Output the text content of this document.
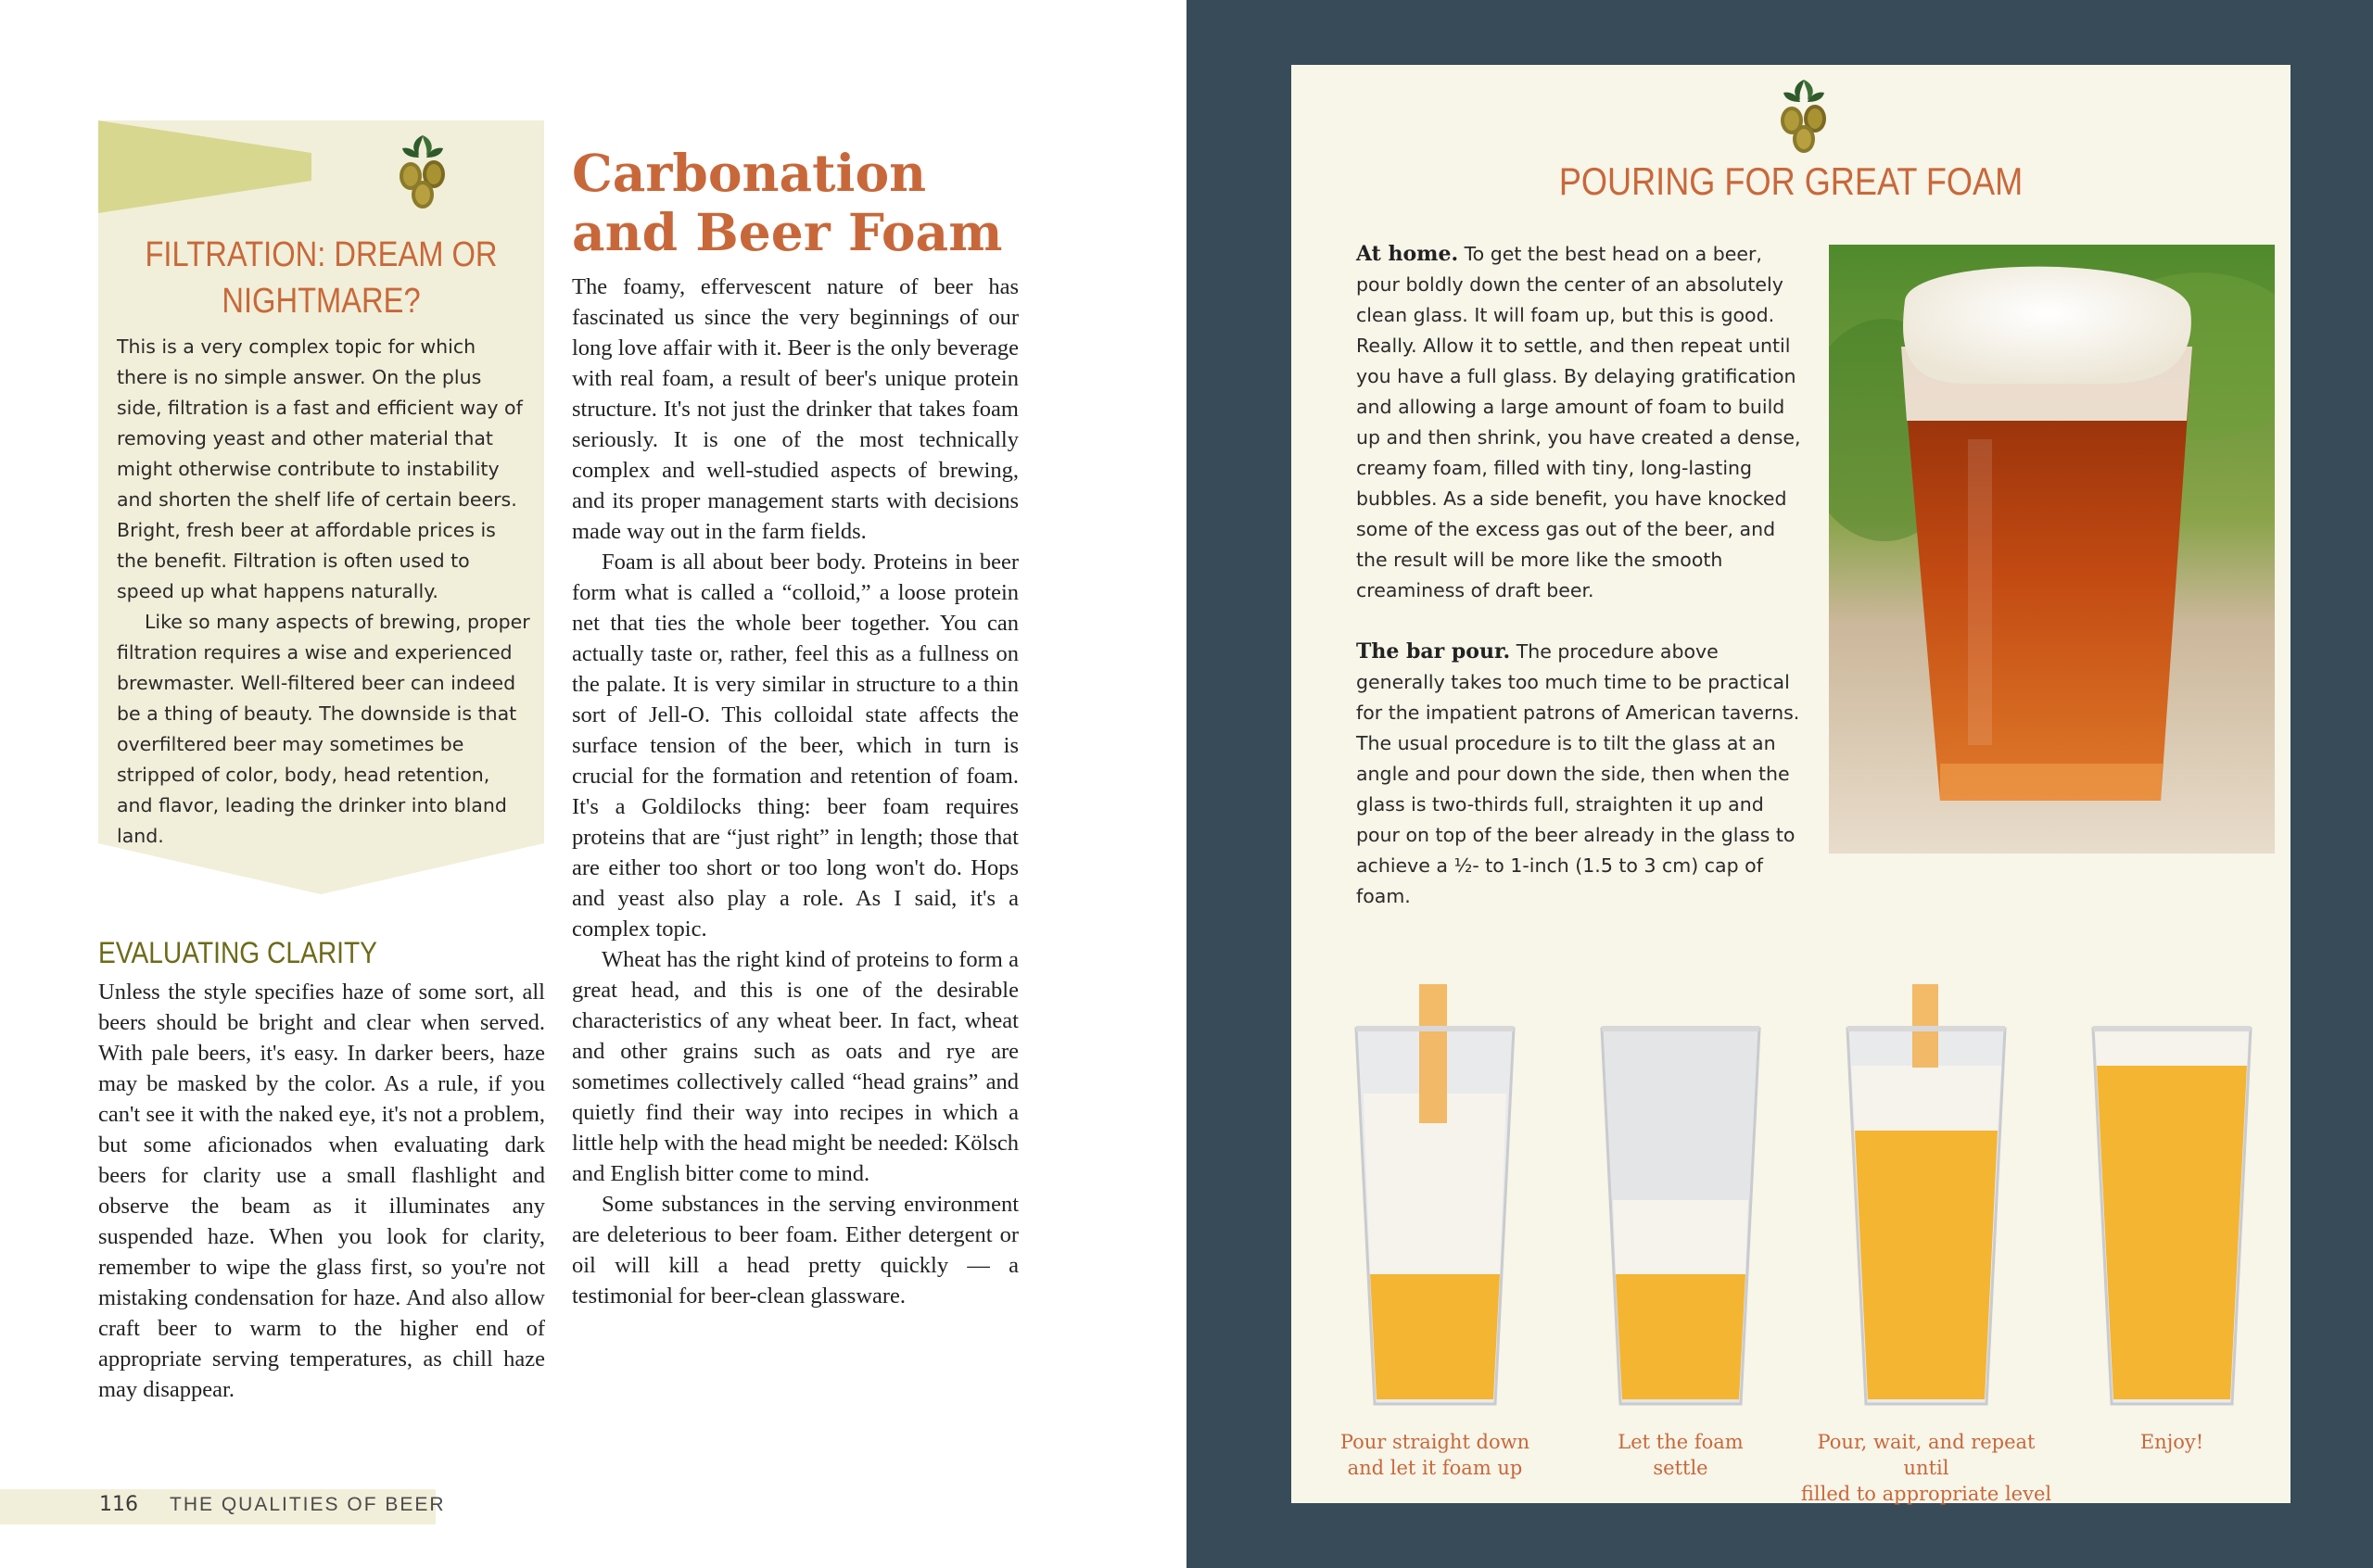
FILTRATION: DREAM OR NIGHTMARE?

This is a very complex topic for which there is no simple answer. On the plus side, filtration is a fast and efficient way of removing yeast and other material that might otherwise contribute to instability and shorten the shelf life of certain beers. Bright, fresh beer at affordable prices is the benefit. Filtration is often used to speed up what happens naturally.

Like so many aspects of brewing, proper filtration requires a wise and experienced brewmaster. Well-filtered beer can indeed be a thing of beauty. The downside is that overfiltered beer may sometimes be stripped of color, body, head retention, and flavor, leading the drinker into bland land.

EVALUATING CLARITY

Unless the style specifies haze of some sort, all beers should be bright and clear when served. With pale beers, it's easy. In darker beers, haze may be masked by the color. As a rule, if you can't see it with the naked eye, it's not a problem, but some aficionados when evaluating dark beers for clarity use a small flashlight and observe the beam as it illuminates any suspended haze. When you look for clarity, remember to wipe the glass first, so you're not mistaking condensation for haze. And also allow craft beer to warm to the higher end of appropriate serving temperatures, as chill haze may disappear.

Carbonation
and Beer Foam

The foamy, effervescent nature of beer has fascinated us since the very beginnings of our long love affair with it. Beer is the only beverage with real foam, a result of beer's unique protein structure. It's not just the drinker that takes foam seriously. It is one of the most technically complex and well-studied aspects of brewing, and its proper management starts with decisions made way out in the farm fields.

Foam is all about beer body. Proteins in beer form what is called a “colloid,” a loose protein net that ties the whole beer together. You can actually taste or, rather, feel this as a fullness on the palate. It is very similar in structure to a thin sort of Jell-O. This colloidal state affects the surface tension of the beer, which in turn is crucial for the formation and retention of foam. It's a Goldilocks thing: beer foam requires proteins that are “just right” in length; those that are either too short or too long won't do. Hops and yeast also play a role. As I said, it's a complex topic.

Wheat has the right kind of proteins to form a great head, and this is one of the desirable characteristics of any wheat beer. In fact, wheat and other grains such as oats and rye are sometimes collectively called “head grains” and quietly find their way into recipes in which a little help with the head might be needed: Kölsch and English bitter come to mind.

Some substances in the serving environment are deleterious to beer foam. Either detergent or oil will kill a head pretty quickly — a testimonial for beer-clean glassware.

116 THE QUALITIES OF BEER
POURING FOR GREAT FOAM

At home. To get the best head on a beer, pour boldly down the center of an absolutely clean glass. It will foam up, but this is good. Really. Allow it to settle, and then repeat until you have a full glass. By delaying gratification and allowing a large amount of foam to build up and then shrink, you have created a dense, creamy foam, filled with tiny, long-lasting bubbles. As a side benefit, you have knocked some of the excess gas out of the beer, and the result will be more like the smooth creaminess of draft beer.

The bar pour. The procedure above generally takes too much time to be practical for the impatient patrons of American taverns. The usual procedure is to tilt the glass at an angle and pour down the side, then when the glass is two-thirds full, straighten it up and pour on top of the beer already in the glass to achieve a ½- to 1-inch (1.5 to 3 cm) cap of foam.

Pour straight down
and let it foam up
Let the foam
settle
Pour, wait, and repeat until
filled to appropriate level
Enjoy!
